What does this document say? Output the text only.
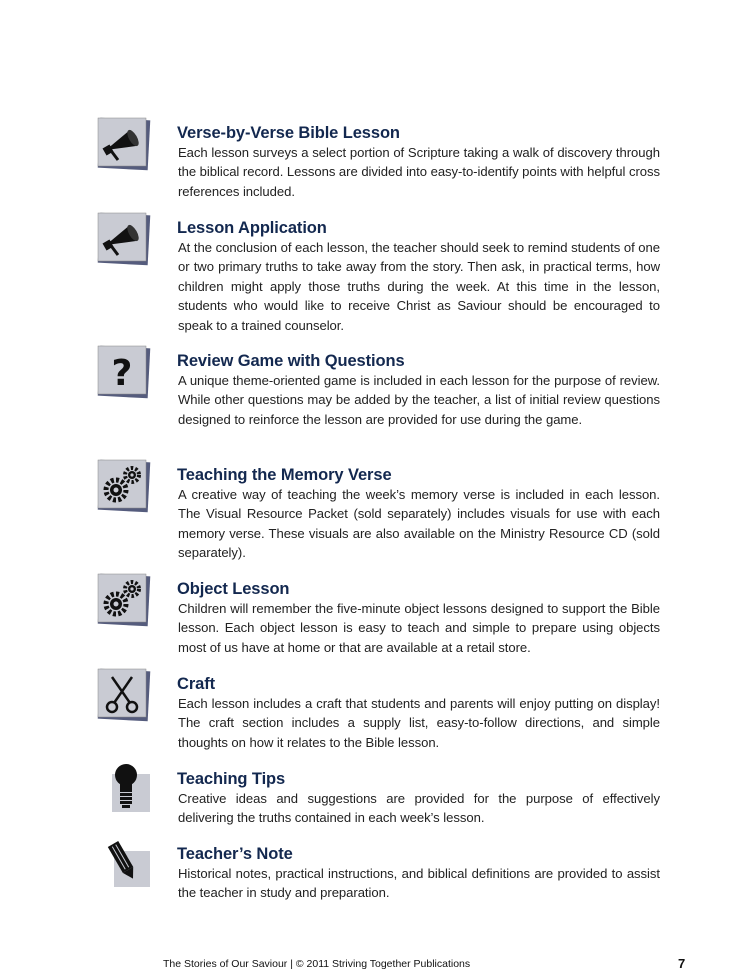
Verse-by-Verse Bible Lesson
Each lesson surveys a select portion of Scripture taking a walk of discovery through the biblical record. Lessons are divided into easy-to-identify points with helpful cross references included.
Lesson Application
At the conclusion of each lesson, the teacher should seek to remind students of one or two primary truths to take away from the story. Then ask, in practical terms, how children might apply those truths during the week. At this time in the lesson, students who would like to receive Christ as Saviour should be encouraged to speak to a trained counselor.
?	Review Game with Questions
A unique theme-oriented game is included in each lesson for the purpose of review. While other questions may be added by the teacher, a list of initial review questions designed to reinforce the lesson are provided for use during the game.
Teaching the Memory Verse
A creative way of teaching the week’s memory verse is included in each lesson. The Visual Resource Packet (sold separately) includes visuals for use with each memory verse. These visuals are also available on the Ministry Resource CD (sold separately).
Object Lesson
Children will remember the five-minute object lessons designed to support the Bible lesson. Each object lesson is easy to teach and simple to prepare using objects most of us have at home or that are available at a retail store.
Craft
Each lesson includes a craft that students and parents will enjoy putting on display! The craft section includes a supply list, easy-to-follow directions, and simple thoughts on how it relates to the Bible lesson.
Teaching Tips
Creative ideas and suggestions are provided for the purpose of effectively delivering the truths contained in each week’s lesson.
Teacher’s Note
Historical notes, practical instructions, and biblical definitions are provided to assist the teacher in study and preparation.
The Stories of Our Saviour | © 2011 Striving Together Publications	7
